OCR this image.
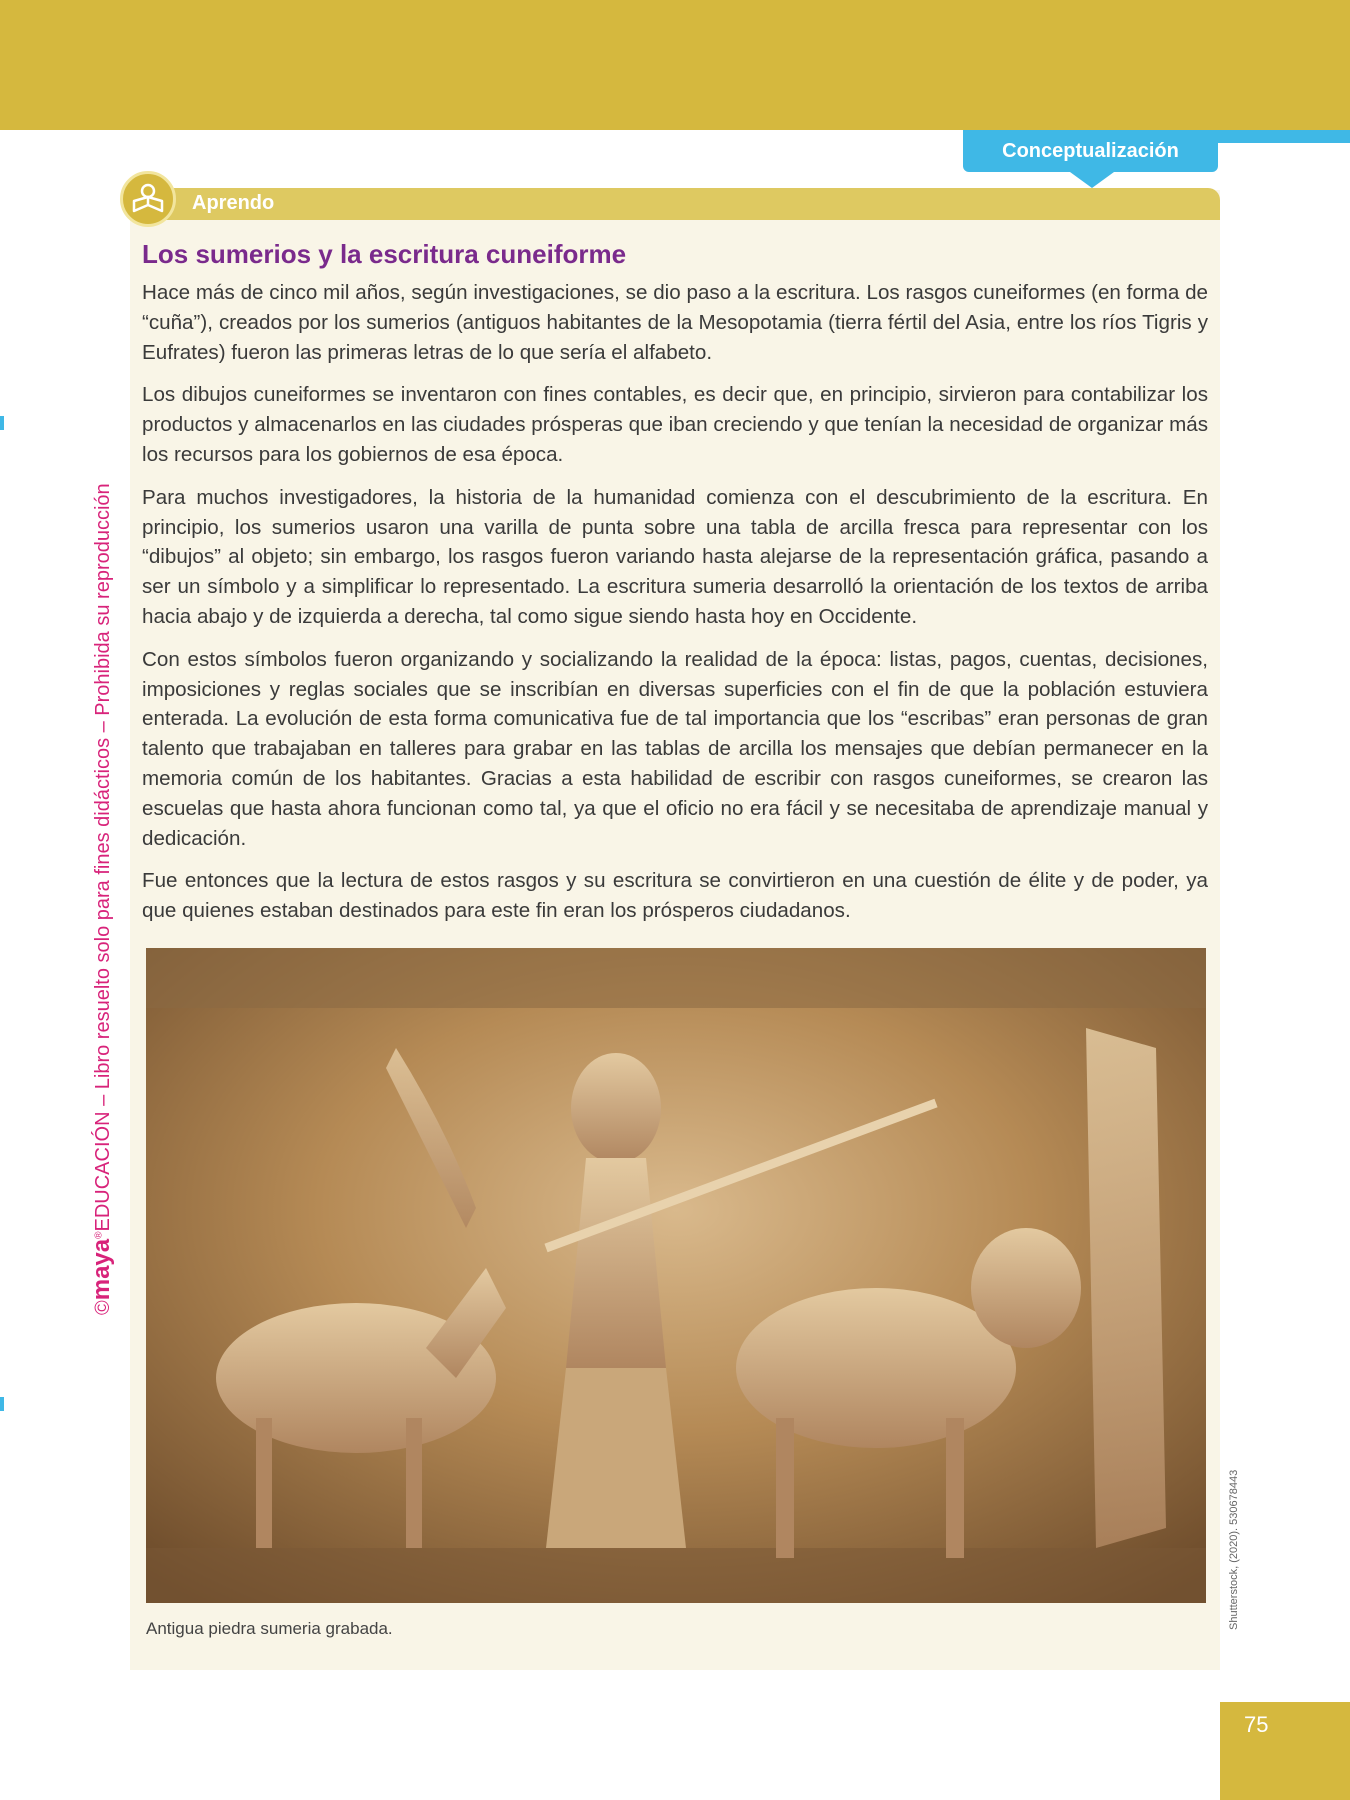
Conceptualización
Aprendo
Los sumerios y la escritura cuneiforme

Hace más de cinco mil años, según investigaciones, se dio paso a la escritura. Los rasgos cuneiformes (en forma de “cuña”), creados por los sumerios (antiguos habitantes de la Mesopotamia (tierra fértil del Asia, entre los ríos Tigris y Eufrates) fueron las primeras letras de lo que sería el alfabeto.

Los dibujos cuneiformes se inventaron con fines contables, es decir que, en principio, sirvieron para contabilizar los productos y almacenarlos en las ciudades prósperas que iban creciendo y que tenían la necesidad de organizar más los recursos para los gobiernos de esa época.

Para muchos investigadores, la historia de la humanidad comienza con el descubrimiento de la escritura. En principio, los sumerios usaron una varilla de punta sobre una tabla de arcilla fresca para representar con los “dibujos” al objeto; sin embargo, los rasgos fueron variando hasta alejarse de la representación gráfica, pasando a ser un símbolo y a simplificar lo representado. La escritura sumeria desarrolló la orientación de los textos de arriba hacia abajo y de izquierda a derecha, tal como sigue siendo hasta hoy en Occidente.

Con estos símbolos fueron organizando y socializando la realidad de la época: listas, pagos, cuentas, decisiones, imposiciones y reglas sociales que se inscribían en diversas superficies con el fin de que la población estuviera enterada. La evolución de esta forma comunicativa fue de tal importancia que los “escribas” eran personas de gran talento que trabajaban en talleres para grabar en las tablas de arcilla los mensajes que debían permanecer en la memoria común de los habitantes. Gracias a esta habilidad de escribir con rasgos cuneiformes, se crearon las escuelas que hasta ahora funcionan como tal, ya que el oficio no era fácil y se necesitaba de aprendizaje manual y dedicación.

Fue entonces que la lectura de estos rasgos y su escritura se convirtieron en una cuestión de élite y de poder, ya que quienes estaban destinados para este fin eran los prósperos ciudadanos.

Antigua piedra sumeria grabada.	Shutterstock, (2020). 530678443
©maya®EDUCACIÓN – Libro resuelto solo para fines didácticos – Prohibida su reproducción
75
